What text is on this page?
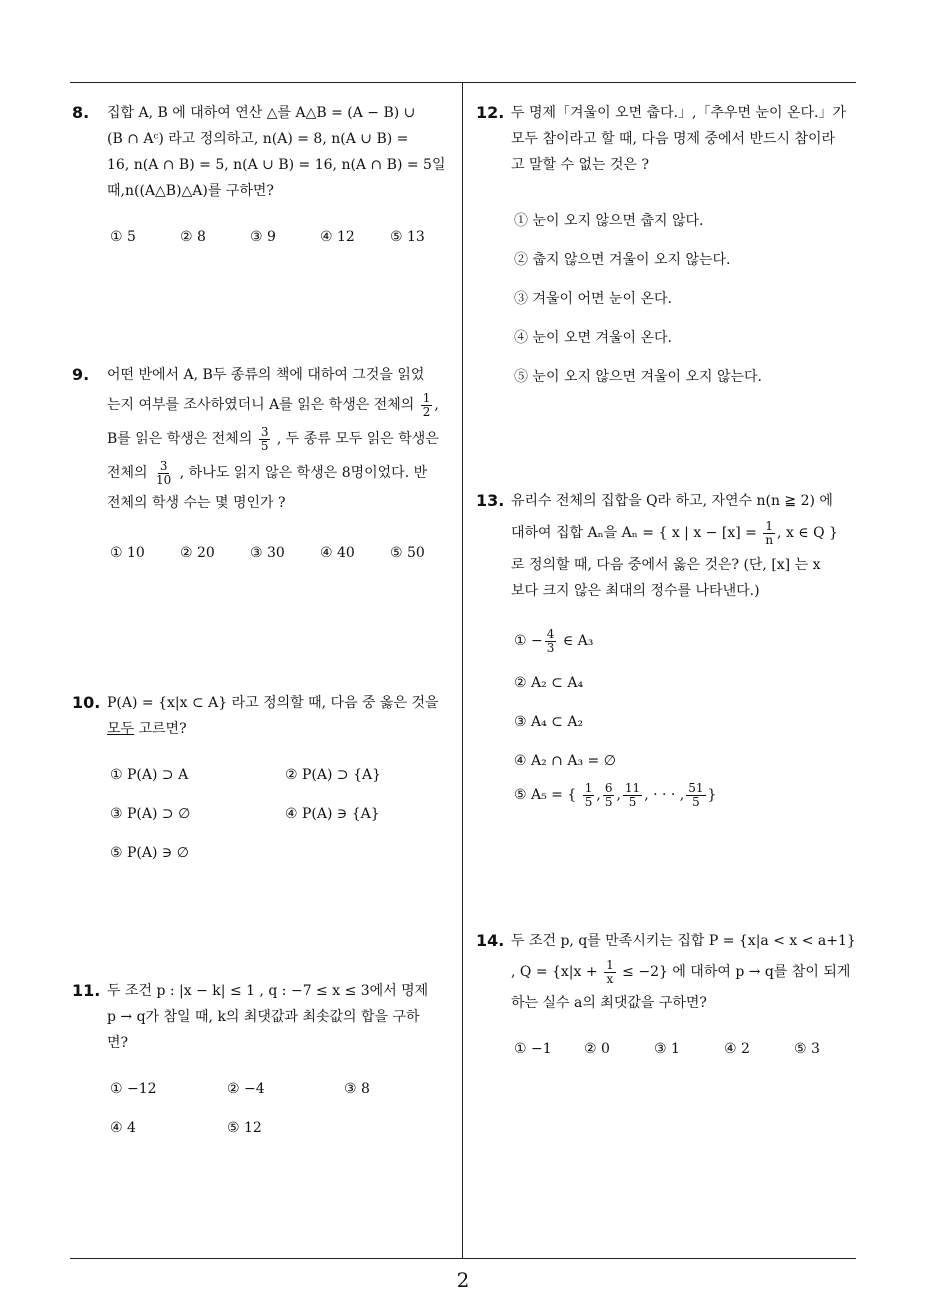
8. 집합 A, B 에 대하여 연산 △를 A△B = (A − B) ∪

(B ∩ Aᶜ) 라고 정의하고, n(A) = 8, n(A ∪ B) =

16, n(A ∩ B) = 5, n(A ∪ B) = 16, n(A ∩ B) = 5일

때,n((A△B)△A)를 구하면?

① 5	② 8	③ 9	④ 12	⑤ 13
9. 어떤 반에서 A, B두 종류의 책에 대하여 그것을 읽었

는지 여부를 조사하였더니 A를 읽은 학생은 전체의 $\frac{1}{2}$ ,

B를 읽은 학생은 전체의 $\frac{3}{5}$ , 두 종류 모두 읽은 학생은

전체의 $\frac{3}{10}$ , 하나도 읽지 않은 학생은 8명이었다. 반

전체의 학생 수는 몇 명인가 ?

① 10	② 20	③ 30	④ 40	⑤ 50
10. P(A) = {x|x ⊂ A} 라고 정의할 때, 다음 중 옳은 것을

모두 고르면?

① P(A) ⊃ A	② P(A) ⊃ {A}
③ P(A) ⊃ ∅	④ P(A) ∋ {A}
⑤ P(A) ∋ ∅
11. 두 조건 p : |x − k| ≤ 1 , q : −7 ≤ x ≤ 3에서 명제

p → q가 참일 때, k의 최댓값과 최솟값의 합을 구하

면?

① −12	② −4	③ 8
④ 4	⑤ 12
12. 두 명제「겨울이 오면 춥다.」,「추우면 눈이 온다.」가

모두 참이라고 할 때, 다음 명제 중에서 반드시 참이라

고 말할 수 없는 것은 ?

① 눈이 오지 않으면 춥지 않다.
② 춥지 않으면 겨울이 오지 않는다.
③ 겨울이 어면 눈이 온다.
④ 눈이 오면 겨울이 온다.
⑤ 눈이 오지 않으면 겨울이 오지 않는다.
13. 유리수 전체의 집합을 Q라 하고, 자연수 n(n ≧ 2) 에

대하여 집합 Aₙ을 Aₙ = { x | $x - [x] = \frac{1}{n}$ , x ∈ Q }

로 정의할 때, 다음 중에서 옳은 것은? (단, [x] 는 x

보다 크지 않은 최대의 정수를 나타낸다.)

① − $\frac{4}{3}$ ∈ A₃
② A₂ ⊂ A₄
③ A₄ ⊂ A₂
④ A₂ ∩ A₃ = ∅
⑤ A₅ = { $\frac{1}{5}$ , $\frac{6}{5}$ , $\frac{11}{5}$ , · · · , $\frac{51}{5}$ }
14. 두 조건 p, q를 만족시키는 집합 P = {x|a < x < a+1}

, $Q = \{x|x + \frac{1}{x} \le -2\}$ 에 대하여 p → q를 참이 되게

하는 실수 a의 최댓값을 구하면?

① −1 ② 0	③ 1	④ 2	⑤ 3
2
